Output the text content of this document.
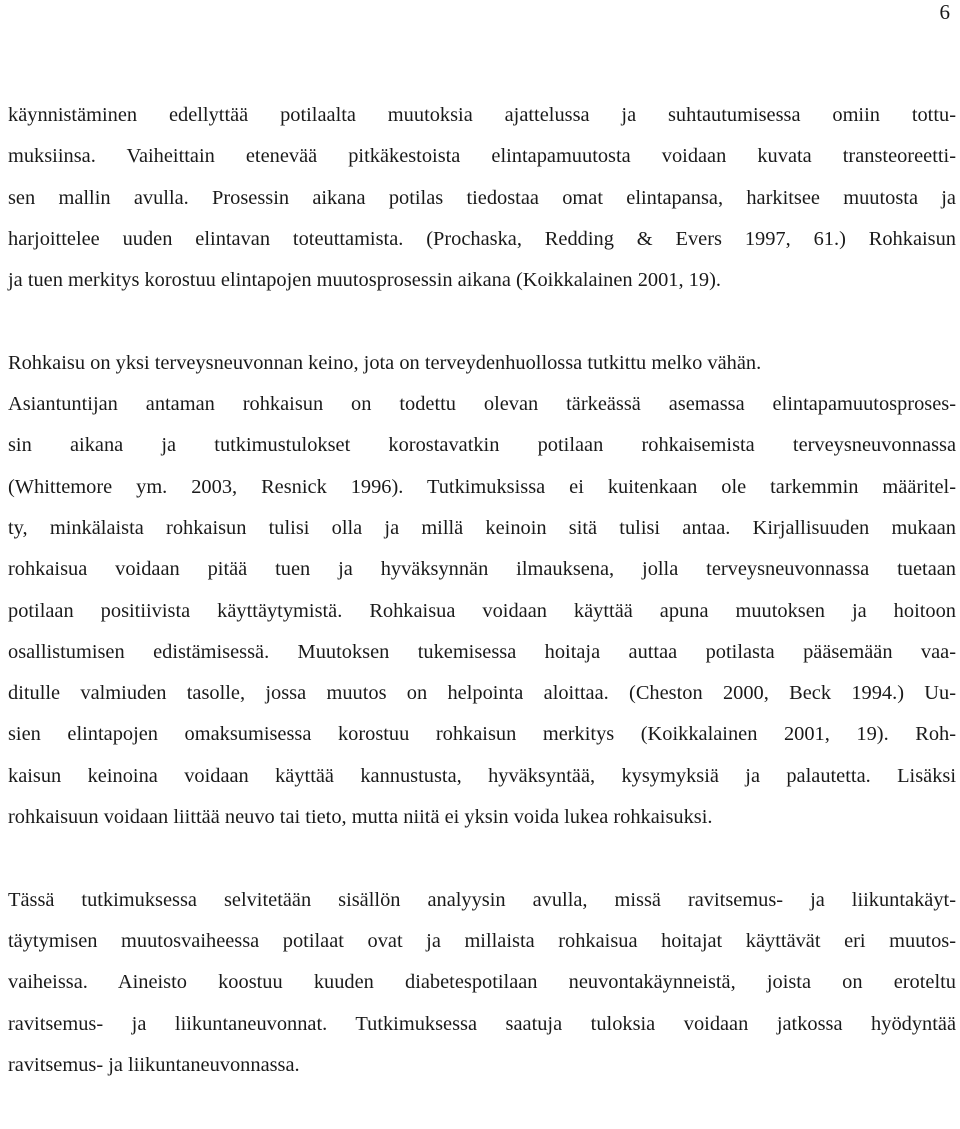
6

käynnistäminen edellyttää potilaalta muutoksia ajattelussa ja suhtautumisessa omiin tottu-
muksiinsa. Vaiheittain etenevää pitkäkestoista elintapamuutosta voidaan kuvata transteoreetti-
sen mallin avulla. Prosessin aikana potilas tiedostaa omat elintapansa, harkitsee muutosta ja
harjoittelee uuden elintavan toteuttamista. (Prochaska, Redding & Evers 1997, 61.) Rohkaisun
ja tuen merkitys korostuu elintapojen muutosprosessin aikana (Koikkalainen 2001, 19).

Rohkaisu on yksi terveysneuvonnan keino, jota on terveydenhuollossa tutkittu melko vähän.
Asiantuntijan antaman rohkaisun on todettu olevan tärkeässä asemassa elintapamuutosproses-
sin aikana ja tutkimustulokset korostavatkin potilaan rohkaisemista terveysneuvonnassa
(Whittemore ym. 2003, Resnick 1996). Tutkimuksissa ei kuitenkaan ole tarkemmin määritel-
ty, minkälaista rohkaisun tulisi olla ja millä keinoin sitä tulisi antaa. Kirjallisuuden mukaan
rohkaisua voidaan pitää tuen ja hyväksynnän ilmauksena, jolla terveysneuvonnassa tuetaan
potilaan positiivista käyttäytymistä. Rohkaisua voidaan käyttää apuna muutoksen ja hoitoon
osallistumisen edistämisessä. Muutoksen tukemisessa hoitaja auttaa potilasta pääsemään vaa-
ditulle valmiuden tasolle, jossa muutos on helpointa aloittaa. (Cheston 2000, Beck 1994.) Uu-
sien elintapojen omaksumisessa korostuu rohkaisun merkitys (Koikkalainen 2001, 19). Roh-
kaisun keinoina voidaan käyttää kannustusta, hyväksyntää, kysymyksiä ja palautetta. Lisäksi
rohkaisuun voidaan liittää neuvo tai tieto, mutta niitä ei yksin voida lukea rohkaisuksi.

Tässä tutkimuksessa selvitetään sisällön analyysin avulla, missä ravitsemus- ja liikuntakäyt-
täytymisen muutosvaiheessa potilaat ovat ja millaista rohkaisua hoitajat käyttävät eri muutos-
vaiheissa. Aineisto koostuu kuuden diabetespotilaan neuvontakäynneistä, joista on eroteltu
ravitsemus- ja liikuntaneuvonnat. Tutkimuksessa saatuja tuloksia voidaan jatkossa hyödyntää
ravitsemus- ja liikuntaneuvonnassa.
